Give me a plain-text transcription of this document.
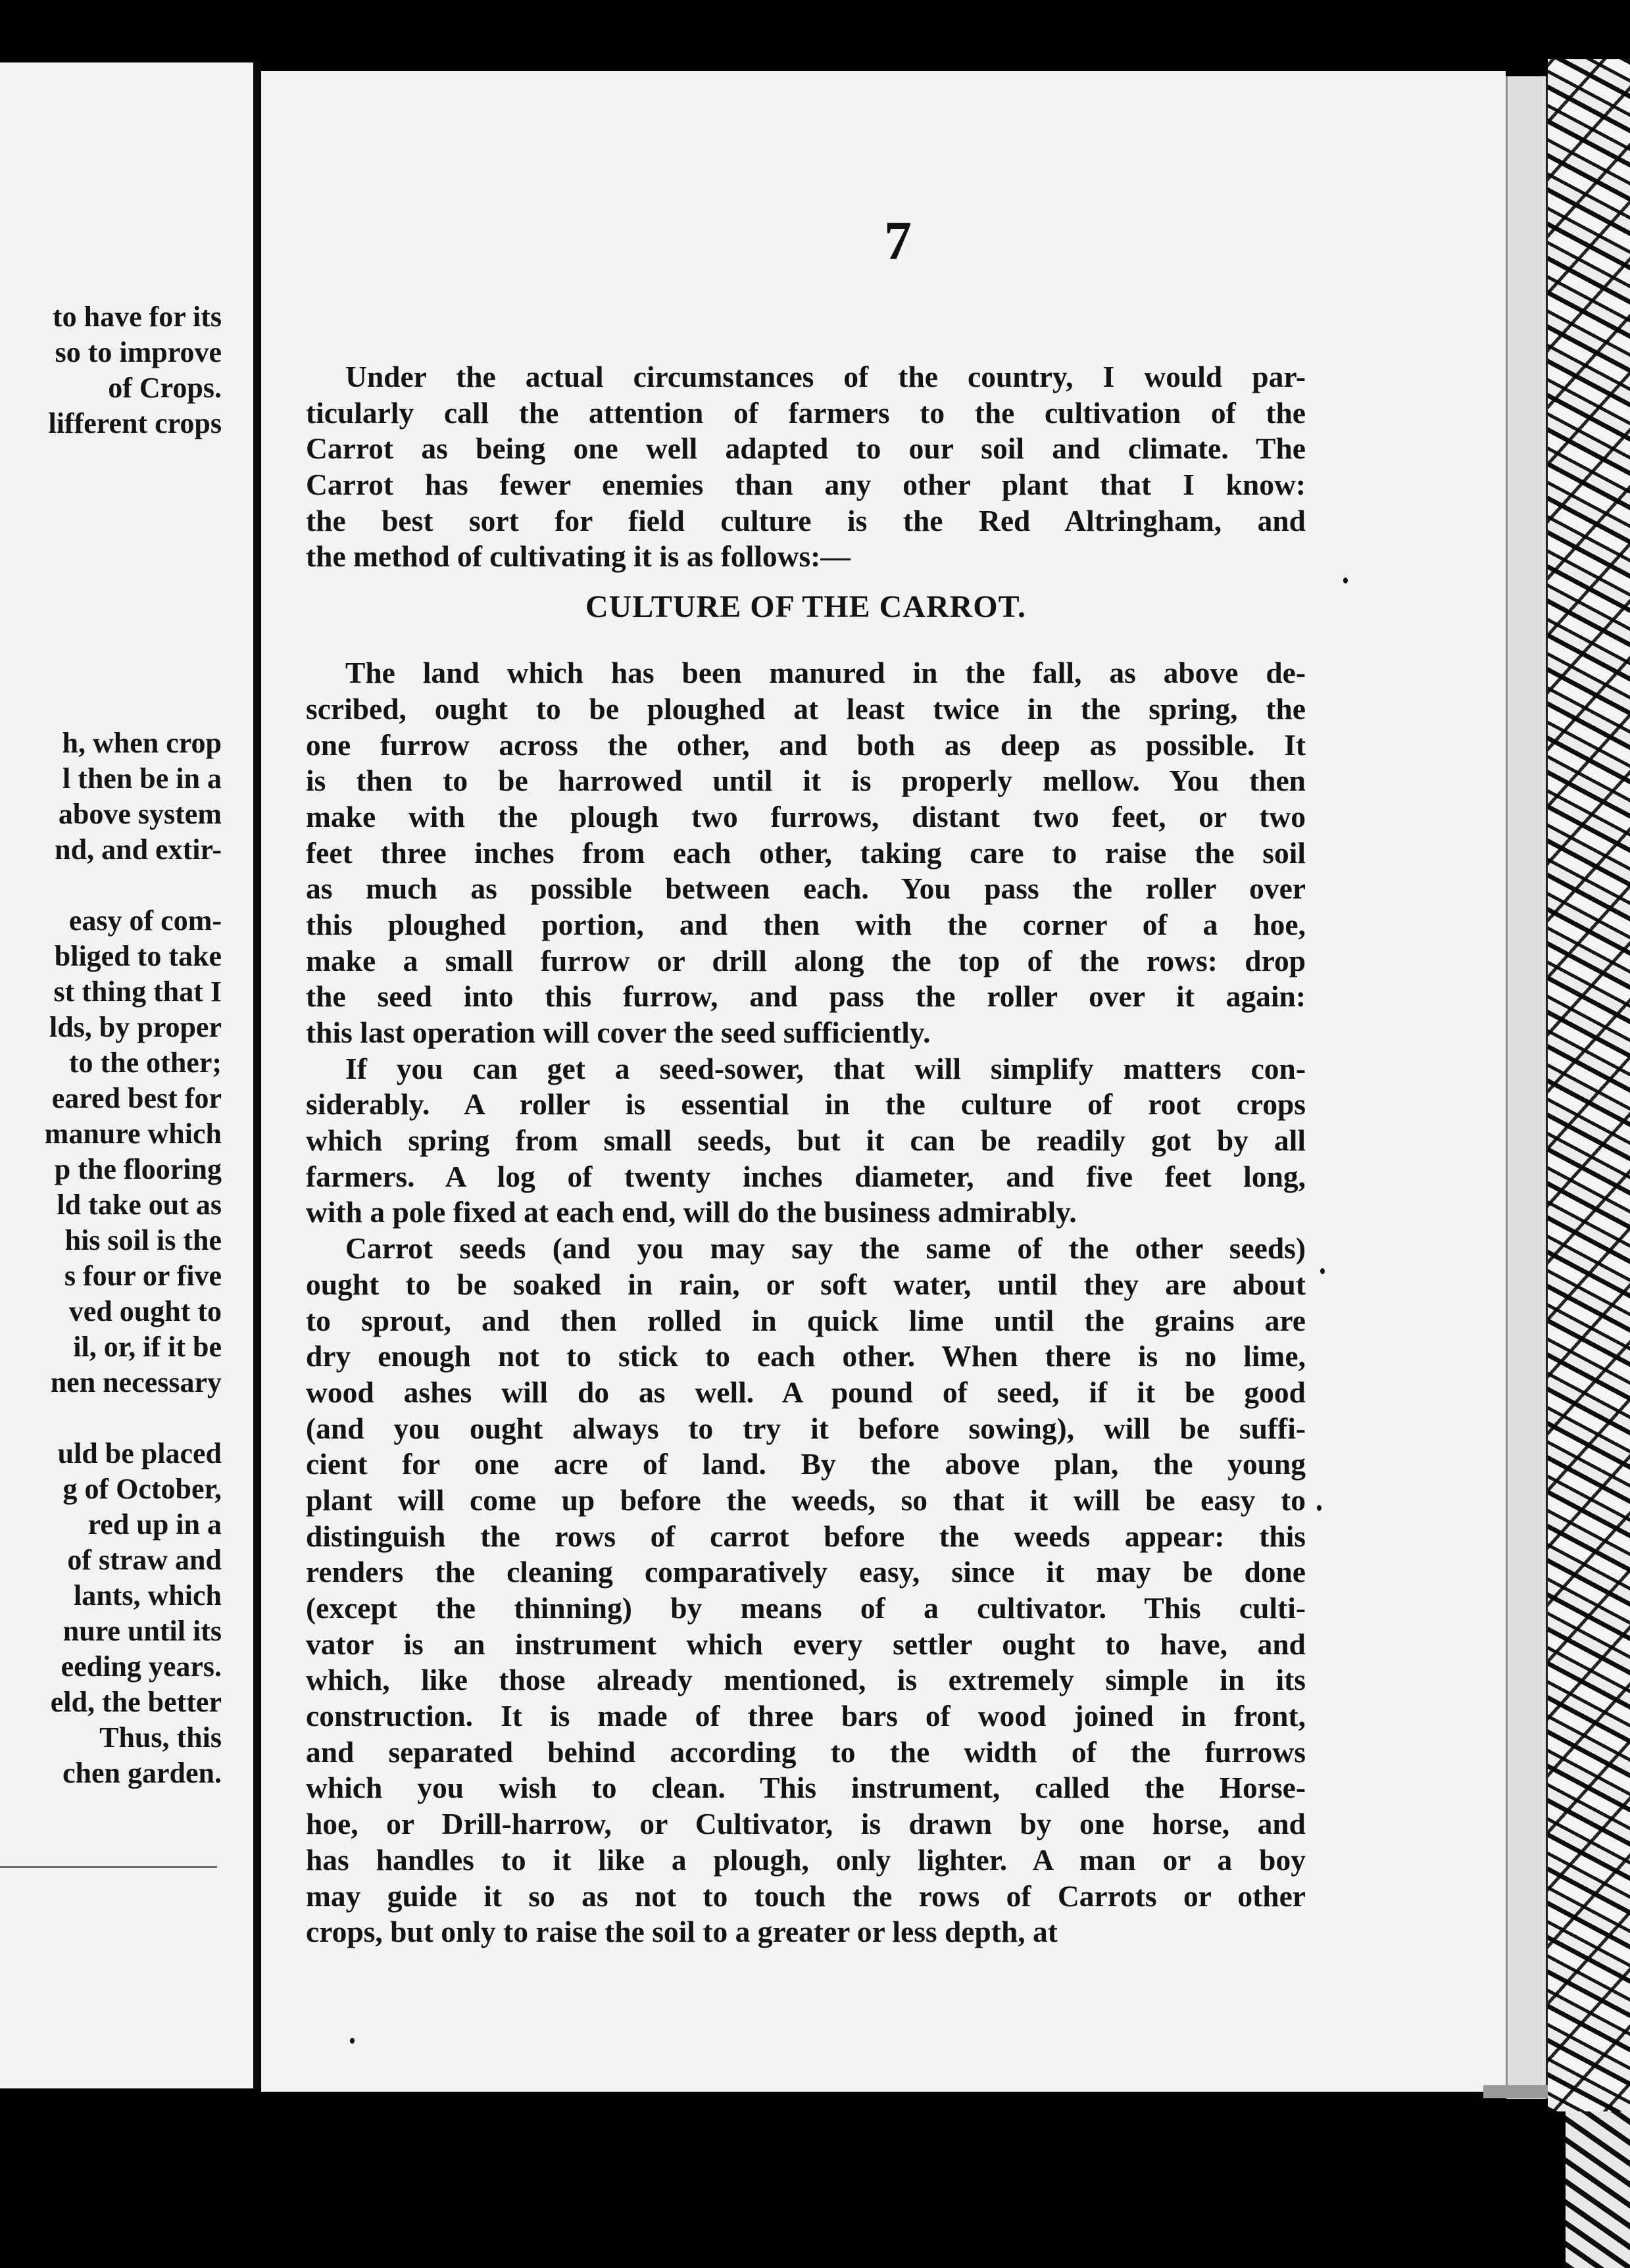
to have for its
so to improve
of Crops.
lifferent crops
h, when crop
l then be in a
above system
nd, and extir-
easy of com-
bliged to take
st thing that I
lds, by proper
to the other;
eared best for
manure which
p the flooring
ld take out as
his soil is the
s four or five
ved ought to
il, or, if it be
nen necessary
uld be placed
g of October,
red up in a
of straw and
lants, which
nure until its
eeding years.
eld, the better
Thus, this
chen garden.
7
Under the actual circumstances of the country, I would par-
ticularly call the attention of farmers to the cultivation of the
Carrot as being one well adapted to our soil and climate. The
Carrot has fewer enemies than any other plant that I know:
the best sort for field culture is the Red Altringham, and
the method of cultivating it is as follows:—
CULTURE OF THE CARROT.
The land which has been manured in the fall, as above de-
scribed, ought to be ploughed at least twice in the spring, the
one furrow across the other, and both as deep as possible. It
is then to be harrowed until it is properly mellow. You then
make with the plough two furrows, distant two feet, or two
feet three inches from each other, taking care to raise the soil
as much as possible between each. You pass the roller over
this ploughed portion, and then with the corner of a hoe,
make a small furrow or drill along the top of the rows: drop
the seed into this furrow, and pass the roller over it again:
this last operation will cover the seed sufficiently.
If you can get a seed-sower, that will simplify matters con-
siderably. A roller is essential in the culture of root crops
which spring from small seeds, but it can be readily got by all
farmers. A log of twenty inches diameter, and five feet long,
with a pole fixed at each end, will do the business admirably.
Carrot seeds (and you may say the same of the other seeds)
ought to be soaked in rain, or soft water, until they are about
to sprout, and then rolled in quick lime until the grains are
dry enough not to stick to each other. When there is no lime,
wood ashes will do as well. A pound of seed, if it be good
(and you ought always to try it before sowing), will be suffi-
cient for one acre of land. By the above plan, the young
plant will come up before the weeds, so that it will be easy to
distinguish the rows of carrot before the weeds appear: this
renders the cleaning comparatively easy, since it may be done
(except the thinning) by means of a cultivator. This culti-
vator is an instrument which every settler ought to have, and
which, like those already mentioned, is extremely simple in its
construction. It is made of three bars of wood joined in front,
and separated behind according to the width of the furrows
which you wish to clean. This instrument, called the Horse-
hoe, or Drill-harrow, or Cultivator, is drawn by one horse, and
has handles to it like a plough, only lighter. A man or a boy
may guide it so as not to touch the rows of Carrots or other
crops, but only to raise the soil to a greater or less depth, at
